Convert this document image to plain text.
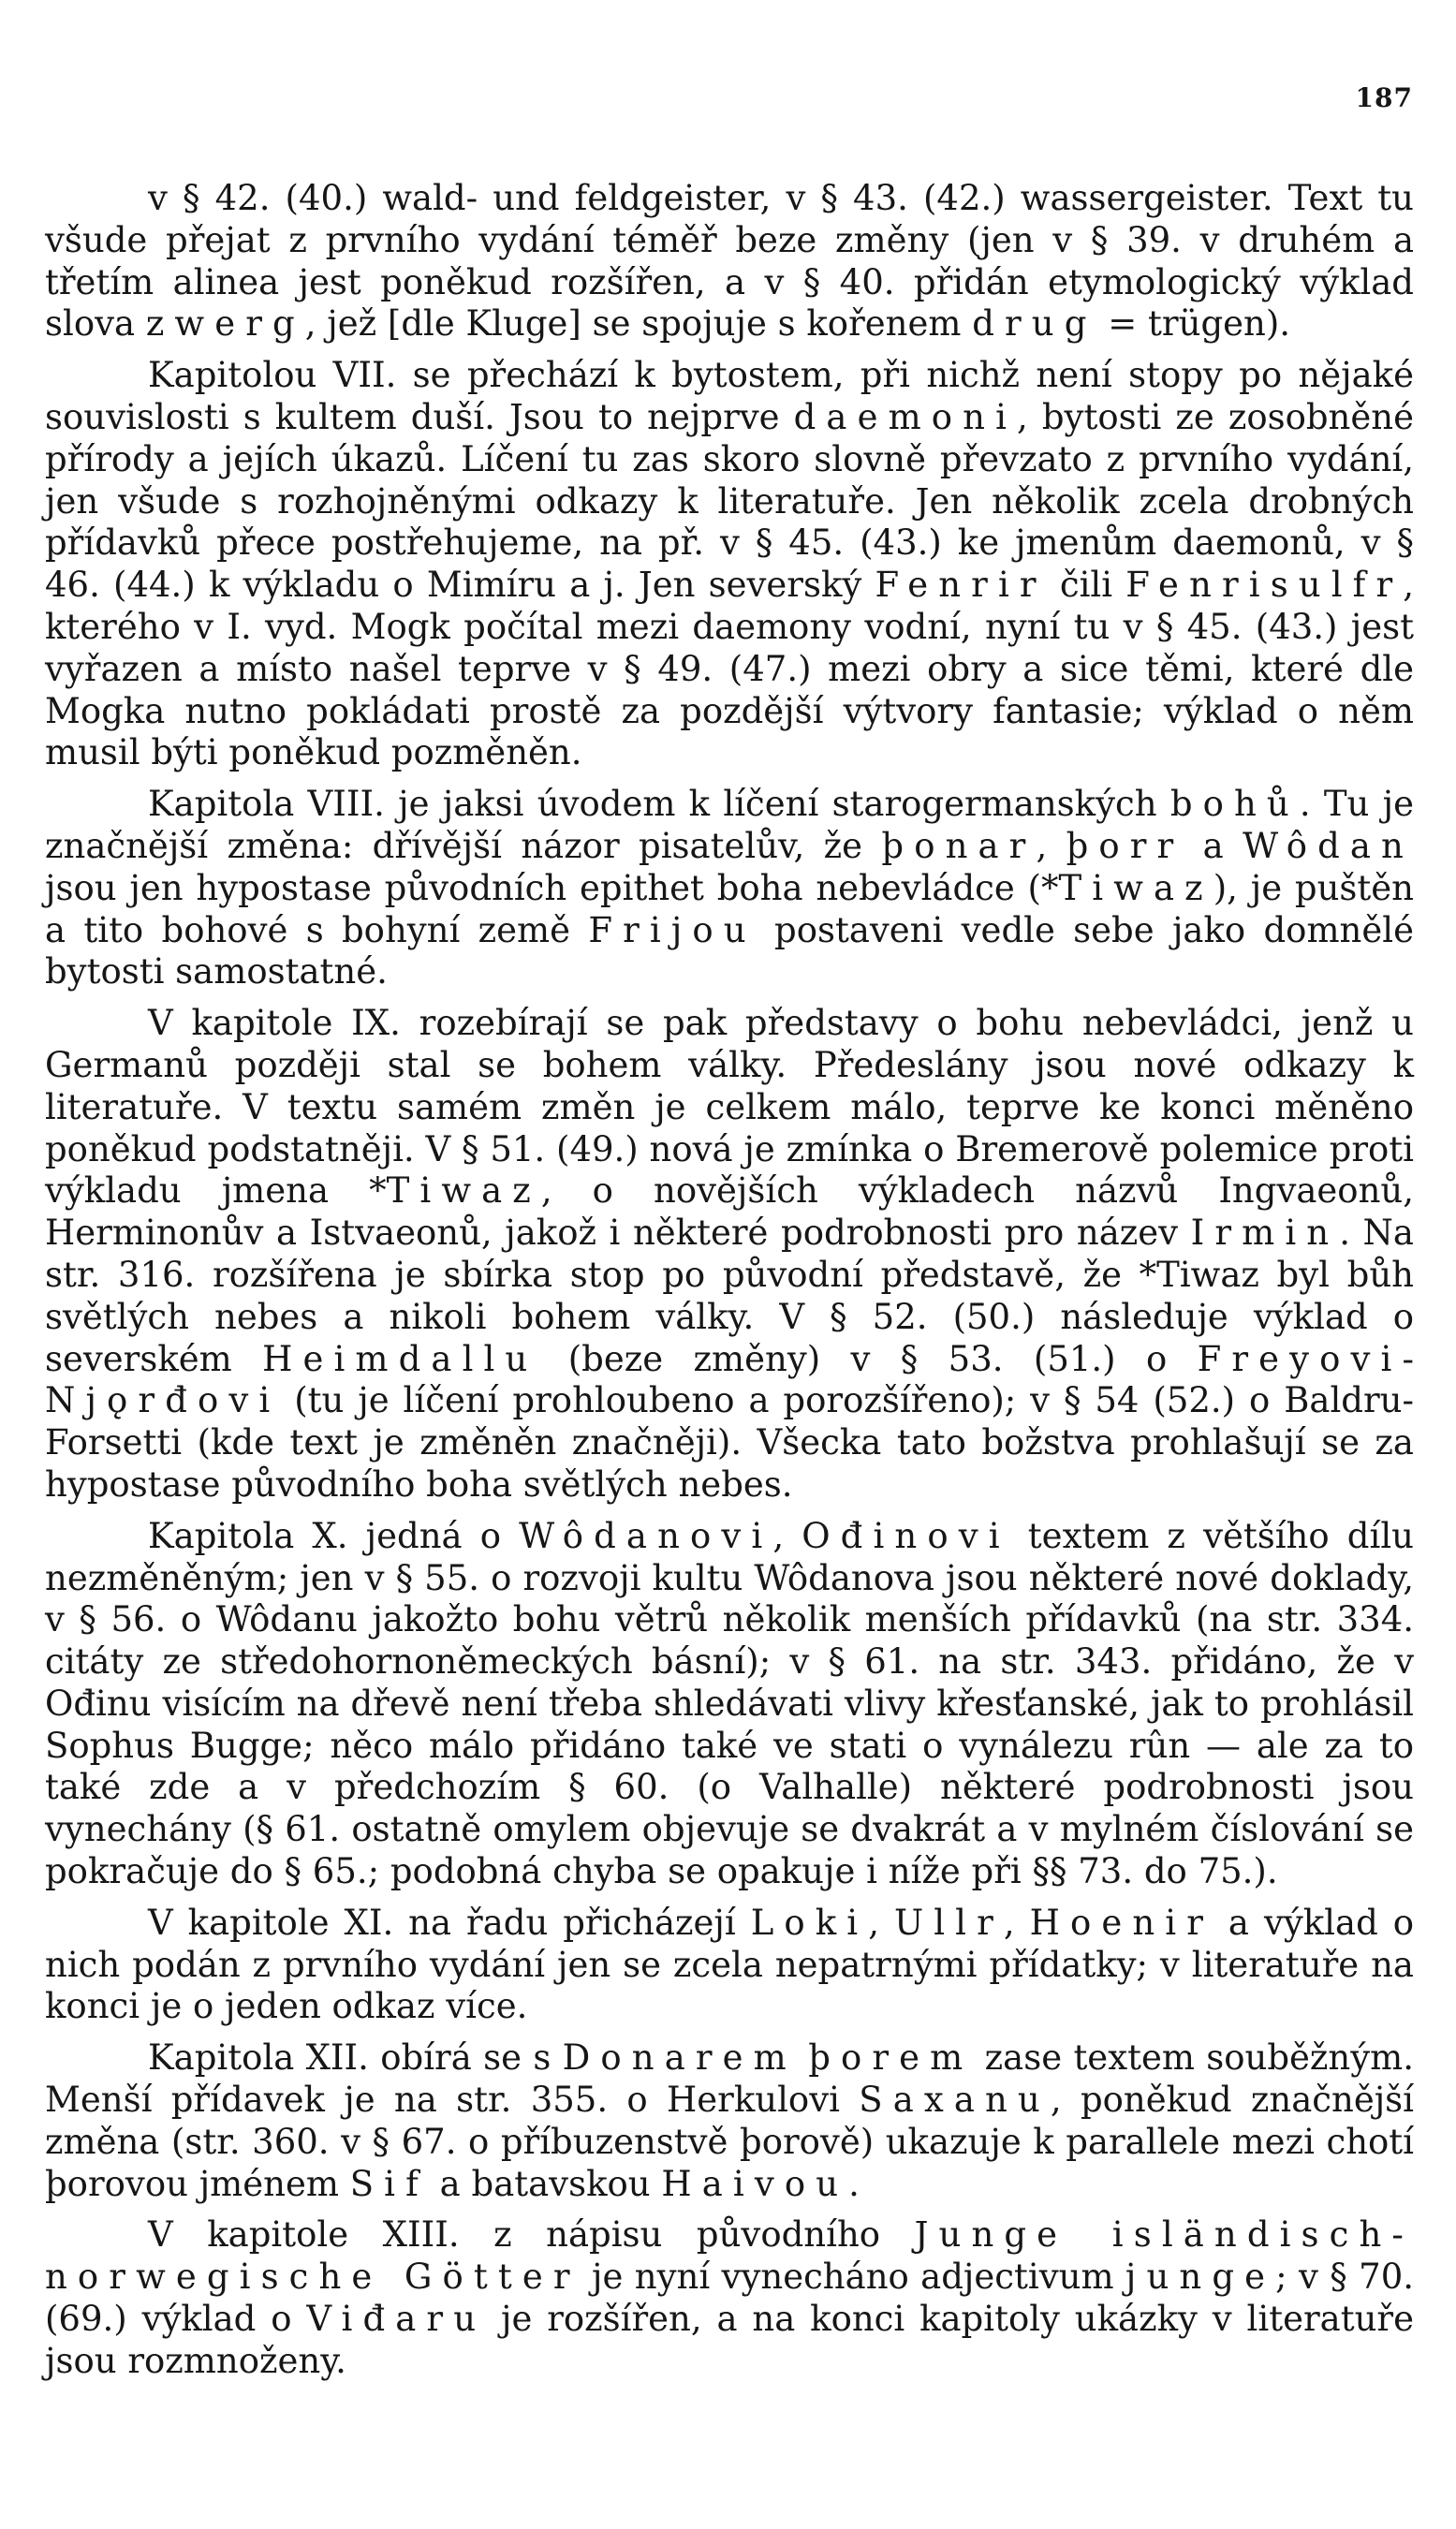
187

v § 42. (40.) wald- und feldgeister, v § 43. (42.) wassergeister. Text tu všude přejat z prvního vydání téměř beze změny (jen v § 39. v druhém a třetím alinea jest poněkud rozšířen, a v § 40. přidán etymologický výklad slova zwerg, jež [dle Kluge] se spojuje s kořenem drug = trügen).

Kapitolou VII. se přechází k bytostem, při nichž není stopy po nějaké souvislosti s kultem duší. Jsou to nejprve daemoni, bytosti ze zosobněné přírody a jejích úkazů. Líčení tu zas skoro slovně převzato z prvního vydání, jen všude s rozhojněnými odkazy k literatuře. Jen několik zcela drobných přídavků přece postřehujeme, na př. v § 45. (43.) ke jmenům daemonů, v § 46. (44.) k výkladu o Mimíru a j. Jen severský Fenrir čili Fenrisulfr, kterého v I. vyd. Mogk počítal mezi daemony vodní, nyní tu v § 45. (43.) jest vyřazen a místo našel teprve v § 49. (47.) mezi obry a sice těmi, které dle Mogka nutno pokládati prostě za pozdější výtvory fantasie; výklad o něm musil býti poněkud pozměněn.

Kapitola VIII. je jaksi úvodem k líčení starogermanských bohů. Tu je značnější změna: dřívější názor pisatelův, že þonar, þorr a Wôdan jsou jen hypostase původních epithet boha nebevládce (*Tiwaz), je puštěn a tito bohové s bohyní země Frijou postaveni vedle sebe jako domnělé bytosti samostatné.

V kapitole IX. rozebírají se pak představy o bohu nebevládci, jenž u Germanů později stal se bohem války. Předeslány jsou nové odkazy k literatuře. V textu samém změn je celkem málo, teprve ke konci měněno poněkud podstatněji. V § 51. (49.) nová je zmínka o Bremerově polemice proti výkladu jmena *Tiwaz, o novějších výkladech názvů Ingvaeonů, Herminonův a Istvaeonů, jakož i některé podrobnosti pro název Irmin. Na str. 316. rozšířena je sbírka stop po původní představě, že *Tiwaz byl bůh světlých nebes a nikoli bohem války. V § 52. (50.) následuje výklad o severském Heimdallu (beze změny) v § 53. (51.) o Freyovi-Njǫrđovi (tu je líčení prohloubeno a porozšířeno); v § 54 (52.) o Baldru-Forsetti (kde text je změněn značněji). Všecka tato božstva prohlašují se za hypostase původního boha světlých nebes.

Kapitola X. jedná o Wôdanovi, Ođinovi textem z většího dílu nezměněným; jen v § 55. o rozvoji kultu Wôdanova jsou některé nové doklady, v § 56. o Wôdanu jakožto bohu větrů několik menších přídavků (na str. 334. citáty ze středohornoněmeckých básní); v § 61. na str. 343. přidáno, že v Ođinu visícím na dřevě není třeba shledávati vlivy křesťanské, jak to prohlásil Sophus Bugge; něco málo přidáno také ve stati o vynálezu rûn — ale za to také zde a v předchozím § 60. (o Valhalle) některé podrobnosti jsou vynechány (§ 61. ostatně omylem objevuje se dvakrát a v mylném číslování se pokračuje do § 65.; podobná chyba se opakuje i níže při §§ 73. do 75.).

V kapitole XI. na řadu přicházejí Loki, Ullr, Hoenir a výklad o nich podán z prvního vydání jen se zcela nepatrnými přídatky; v literatuře na konci je o jeden odkaz více.

Kapitola XII. obírá se s Donarem þorem zase textem souběžným. Menší přídavek je na str. 355. o Herkulovi Saxanu, poněkud značnější změna (str. 360. v § 67. o příbuzenstvě þorově) ukazuje k parallele mezi chotí þorovou jménem Sif a batavskou Haivou.

V kapitole XIII. z nápisu původního Junge isländisch-norwegische Götter je nyní vynecháno adjectivum junge; v § 70. (69.) výklad o Viđaru je rozšířen, a na konci kapitoly ukázky v literatuře jsou rozmnoženy.
